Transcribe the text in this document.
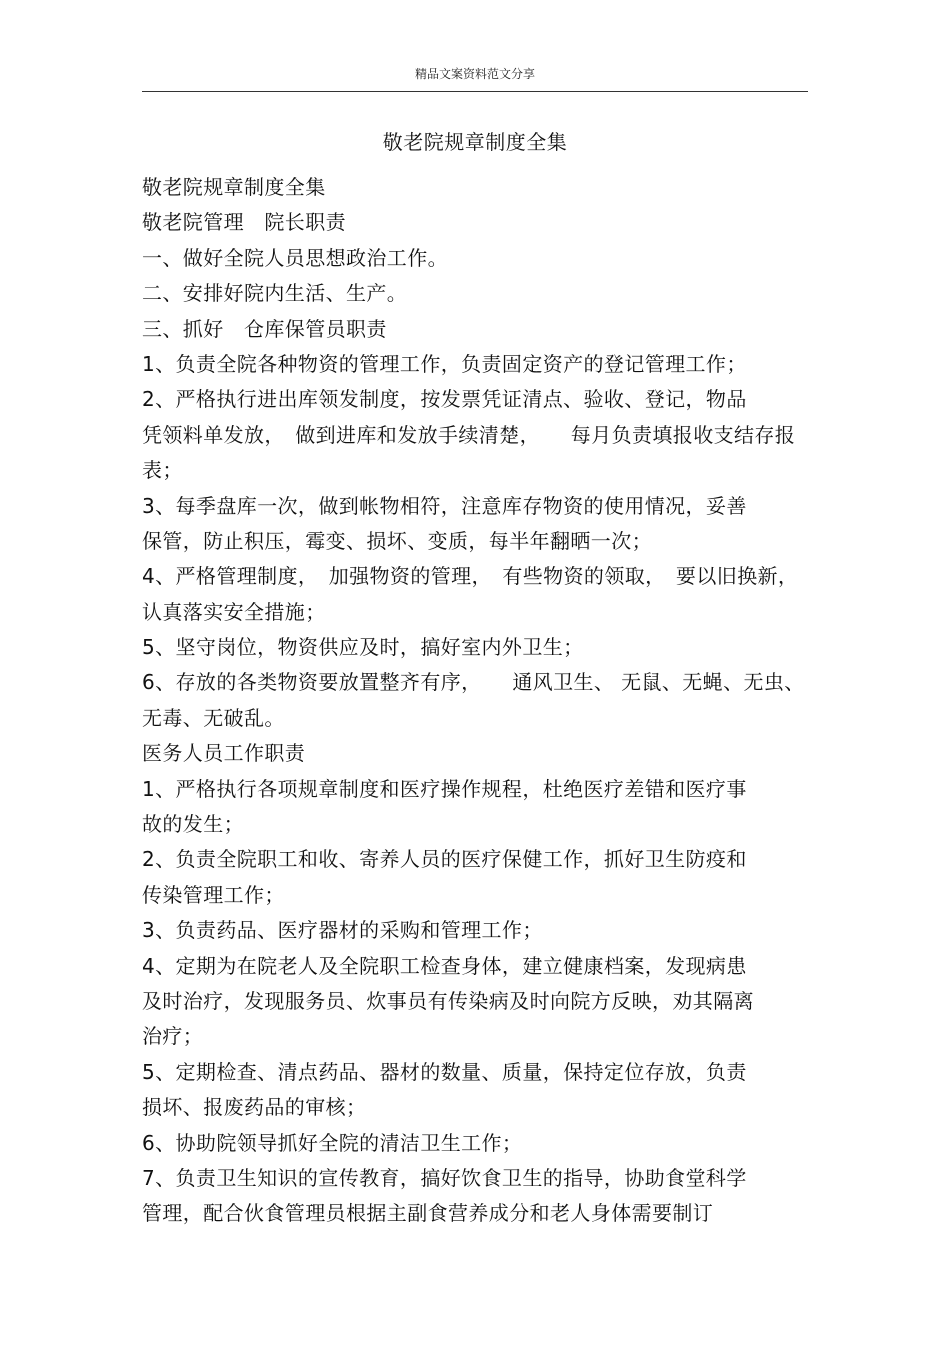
精品文案资料范文分享
敬老院规章制度全集
敬老院规章制度全集
敬老院管理　院长职责
一、做好全院人员思想政治工作。
二、安排好院内生活、生产。
三、抓好　仓库保管员职责
1、负责全院各种物资的管理工作，负责固定资产的登记管理工作；
2、严格执行进出库领发制度，按发票凭证清点、验收、登记，物品
凭领料单发放，　做到进库和发放手续清楚，　　每月负责填报收支结存报
表；
3、每季盘库一次，做到帐物相符，注意库存物资的使用情况，妥善
保管，防止积压，霉变、损坏、变质，每半年翻晒一次；
4、严格管理制度，　加强物资的管理，　有些物资的领取，　要以旧换新，
认真落实安全措施；
5、坚守岗位，物资供应及时，搞好室内外卫生；
6、存放的各类物资要放置整齐有序，　　通风卫生、 无鼠、无蝇、无虫、
无毒、无破乱。
医务人员工作职责
1、严格执行各项规章制度和医疗操作规程，杜绝医疗差错和医疗事
故的发生；
2、负责全院职工和收、寄养人员的医疗保健工作，抓好卫生防疫和
传染管理工作；
3、负责药品、医疗器材的采购和管理工作；
4、定期为在院老人及全院职工检查身体，建立健康档案，发现病患
及时治疗，发现服务员、炊事员有传染病及时向院方反映，劝其隔离
治疗；
5、定期检查、清点药品、器材的数量、质量，保持定位存放，负责
损坏、报废药品的审核；
6、协助院领导抓好全院的清洁卫生工作；
7、负责卫生知识的宣传教育，搞好饮食卫生的指导，协助食堂科学
管理，配合伙食管理员根据主副食营养成分和老人身体需要制订
